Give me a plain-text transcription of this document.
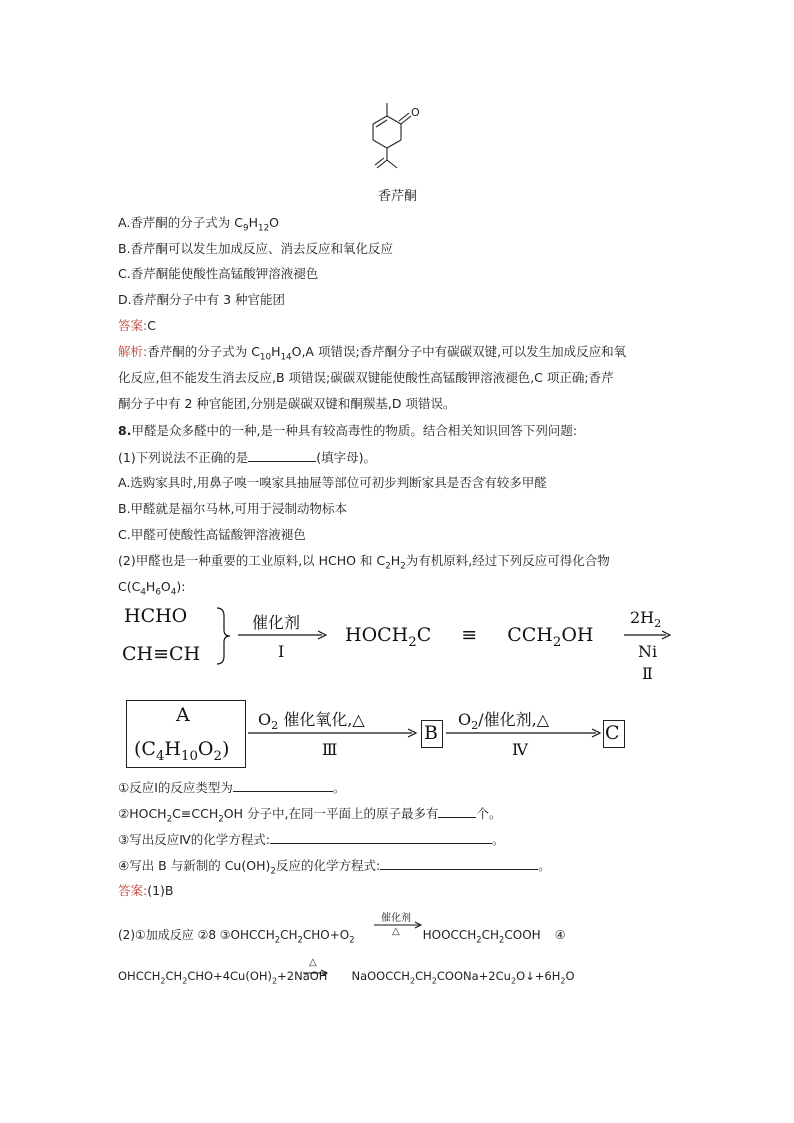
O
香芹酮
A.香芹酮的分子式为 $C_9H_{12}O$
B.香芹酮可以发生加成反应、消去反应和氧化反应
C.香芹酮能使酸性高锰酸钾溶液褪色
D.香芹酮分子中有 3 种官能团
答案:C
解析:香芹酮的分子式为 $C_{10}H_{14}O,A$ 项错误;香芹酮分子中有碳碳双键,可以发生加成反应和氧
化反应,但不能发生消去反应,B 项错误;碳碳双键能使酸性高锰酸钾溶液褪色,C 项正确;香芹
酮分子中有 2 种官能团,分别是碳碳双键和酮羰基,D 项错误。
8.甲醛是众多醛中的一种,是一种具有较高毒性的物质。结合相关知识回答下列问题:
(1)下列说法不正确的是	(填字母)。
A.选购家具时,用鼻子嗅一嗅家具抽屉等部位可初步判断家具是否含有较多甲醛
B.甲醛就是福尔马林,可用于浸制动物标本
C.甲醛可使酸性高锰酸钾溶液褪色
(2)甲醛也是一种重要的工业原料,以 HCHO 和 $C_2H_2$为有机原料,经过下列反应可得化合物
$C(C_4H_6O_4)$:
HCHO
CH≡CH
催化剂
Ⅰ
$HOCH_2C \equiv CCH_2OH$
$2H_2$
Ni
Ⅱ
A
$(C_4H_{10}O_2)$
$O_2$ 催化氧化,△
Ⅲ
B
$O_2/$催化剂,△
Ⅳ
C
①反应Ⅰ的反应类型为	。
$②HOCH_2C\equiv CCH_2OH$ 分子中,在同一平面上的原子最多有	个。
③写出反应Ⅳ的化学方程式:	。
④写出 B 与新制的 $Cu(OH)_2$反应的化学方程式:	。
答案:(1)B
(2)①加成反应 ②8 $③OHCCH_2CH_2CHO+O_2$	$HOOCCH_2CH_2COOH$ ④
催化剂
△
$OHCCH_2CH_2CHO+4Cu(OH)_2+2NaOH$ $NaOOCCH_2CH_2COONa+2Cu_2O↓+6H_2O$
△
